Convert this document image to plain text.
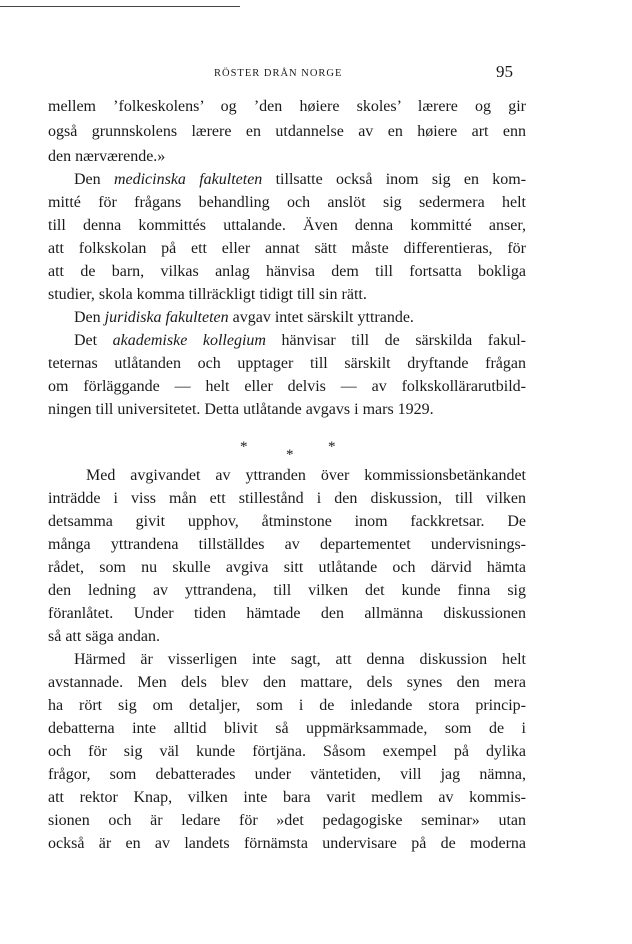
RÖSTER DRÅN NORGE	95
mellem ’folkeskolens’ og ’den høiere skoles’ lærere og gir
også grunnskolens lærere en utdannelse av en høiere art enn
den nærværende.»
Den medicinska fakulteten tillsatte också inom sig en kom-
mitté för frågans behandling och anslöt sig sedermera helt
till denna kommittés uttalande. Även denna kommitté anser,
att folkskolan på ett eller annat sätt måste differentieras, för
att de barn, vilkas anlag hänvisa dem till fortsatta bokliga
studier, skola komma tillräckligt tidigt till sin rätt.
Den juridiska fakulteten avgav intet särskilt yttrande.
Det akademiske kollegium hänvisar till de särskilda fakul-
teternas utlåtanden och upptager till särskilt dryftande frågan
om förläggande — helt eller delvis — av folkskollärarutbild-
ningen till universitetet. Detta utlåtande avgavs i mars 1929.
*	* *
Med avgivandet av yttranden över kommissionsbetänkandet
inträdde i viss mån ett stillestånd i den diskussion, till vilken
detsamma givit upphov, åtminstone inom fackkretsar. De
många yttrandena tillställdes av departementet undervisnings-
rådet, som nu skulle avgiva sitt utlåtande och därvid hämta
den ledning av yttrandena, till vilken det kunde finna sig
föranlåtet. Under tiden hämtade den allmänna diskussionen
så att säga andan.
Härmed är visserligen inte sagt, att denna diskussion helt
avstannade. Men dels blev den mattare, dels synes den mera
ha rört sig om detaljer, som i de inledande stora princip-
debatterna inte alltid blivit så uppmärksammade, som de i
och för sig väl kunde förtjäna. Såsom exempel på dylika
frågor, som debatterades under väntetiden, vill jag nämna,
att rektor Knap, vilken inte bara varit medlem av kommis-
sionen och är ledare för »det pedagogiske seminar» utan
också är en av landets förnämsta undervisare på de moderna
